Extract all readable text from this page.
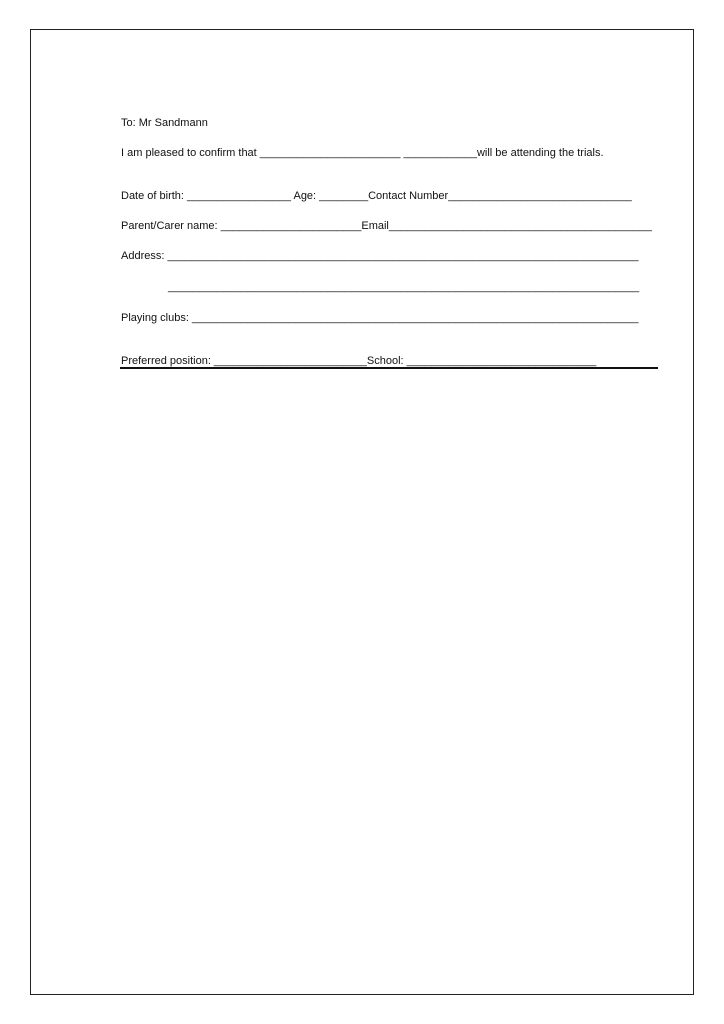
To: Mr Sandmann
I am pleased to confirm that _______________________ ____________will be attending the trials.
Date of birth: _________________ Age: ________Contact Number______________________________
Parent/Carer name: _______________________Email___________________________________________
Address: _____________________________________________________________________________
_____________________________________________________________________________
Playing clubs: _________________________________________________________________________
Preferred position: _________________________School: _______________________________
